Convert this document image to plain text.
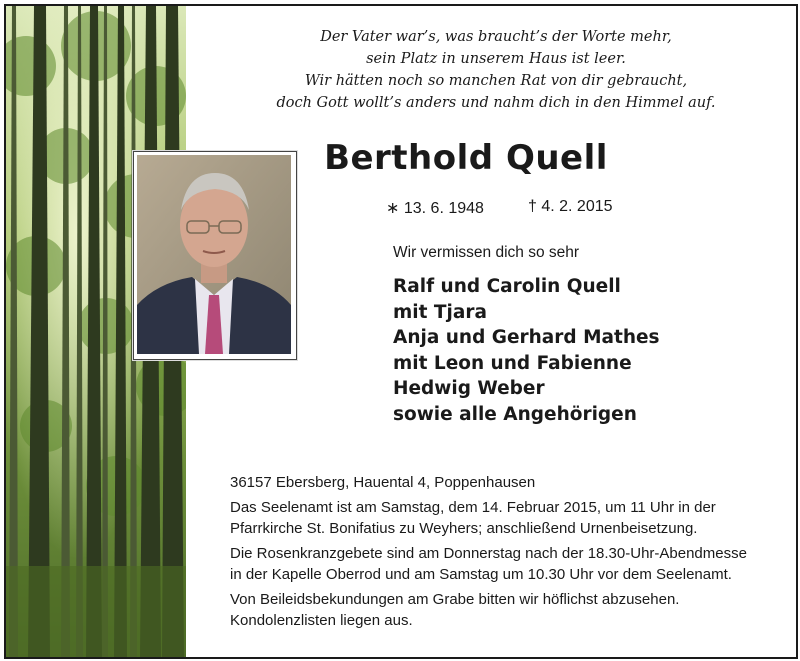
Der Vater war’s, was braucht’s der Worte mehr,
sein Platz in unserem Haus ist leer.
Wir hätten noch so manchen Rat von dir gebraucht,
doch Gott wollt’s anders und nahm dich in den Himmel auf.
Berthold Quell
∗ 13. 6. 1948	† 4. 2. 2015
Wir vermissen dich so sehr
Ralf und Carolin Quell
mit Tjara
Anja und Gerhard Mathes
mit Leon und Fabienne
Hedwig Weber
sowie alle Angehörigen
36157 Ebersberg, Hauental 4, Poppenhausen
Das Seelenamt ist am Samstag, dem 14. Februar 2015, um 11 Uhr in der
Pfarrkirche St. Bonifatius zu Weyhers; anschließend Urnenbeisetzung.
Die Rosenkranzgebete sind am Donnerstag nach der 18.30-Uhr-Abendmesse
in der Kapelle Oberrod und am Samstag um 10.30 Uhr vor dem Seelenamt.
Von Beileidsbekundungen am Grabe bitten wir höflichst abzusehen.
Kondolenzlisten liegen aus.
